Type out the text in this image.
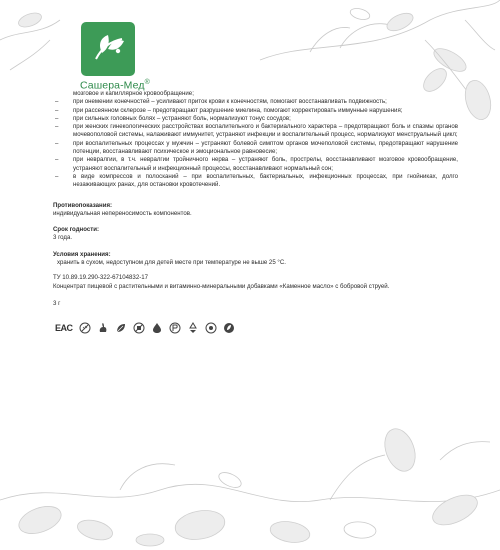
Сашера-Мед®

мозговое и капиллярное кровообращение;

– при онемении конечностей – усиливают приток крови к конечностям, помогают восстанавливать подвижность;
– при рассеянном склерозе – предотвращают разрушение миелина, помогают корректировать иммунные нарушения;
– при сильных головных болях – устраняют боль, нормализуют тонус сосудов;
– при женских гинекологических расстройствах воспалительного и бактериального характера – предотвращают боль и спазмы органов мочевополовой системы, налаживают иммунитет, устраняют инфекции и воспалительный процесс, нормализуют менструальный цикл;
– при воспалительных процессах у мужчин – устраняют болевой симптом органов мочеполовой системы, предотвращают нарушение потенции, восстанавливают психическое и эмоциональное равновесие;
– при невралгии, в т.ч. невралгии тройничного нерва – устраняют боль, прострелы, восстанавливают мозговое кровообращение, устраняют воспалительный и инфекционный процессы, восстанавливают нормальный сон;
– в виде компрессов и полосканий – при воспалительных, бактериальных, инфекционных процессах, при гнойниках, долго незаживающих ранах, для остановки кровотечений.
Противопоказания:
индивидуальная непереносимость компонентов.
Срок годности:
3 года.
Условия хранения:
хранить в сухом, недоступном для детей месте при температуре не выше 25 °С.
ТУ 10.89.19.290-322-67104832-17
Концентрат пищевой с растительными и витаминно-минеральными добавками «Каменное масло» с бобровой струей.
3 г
EAC
